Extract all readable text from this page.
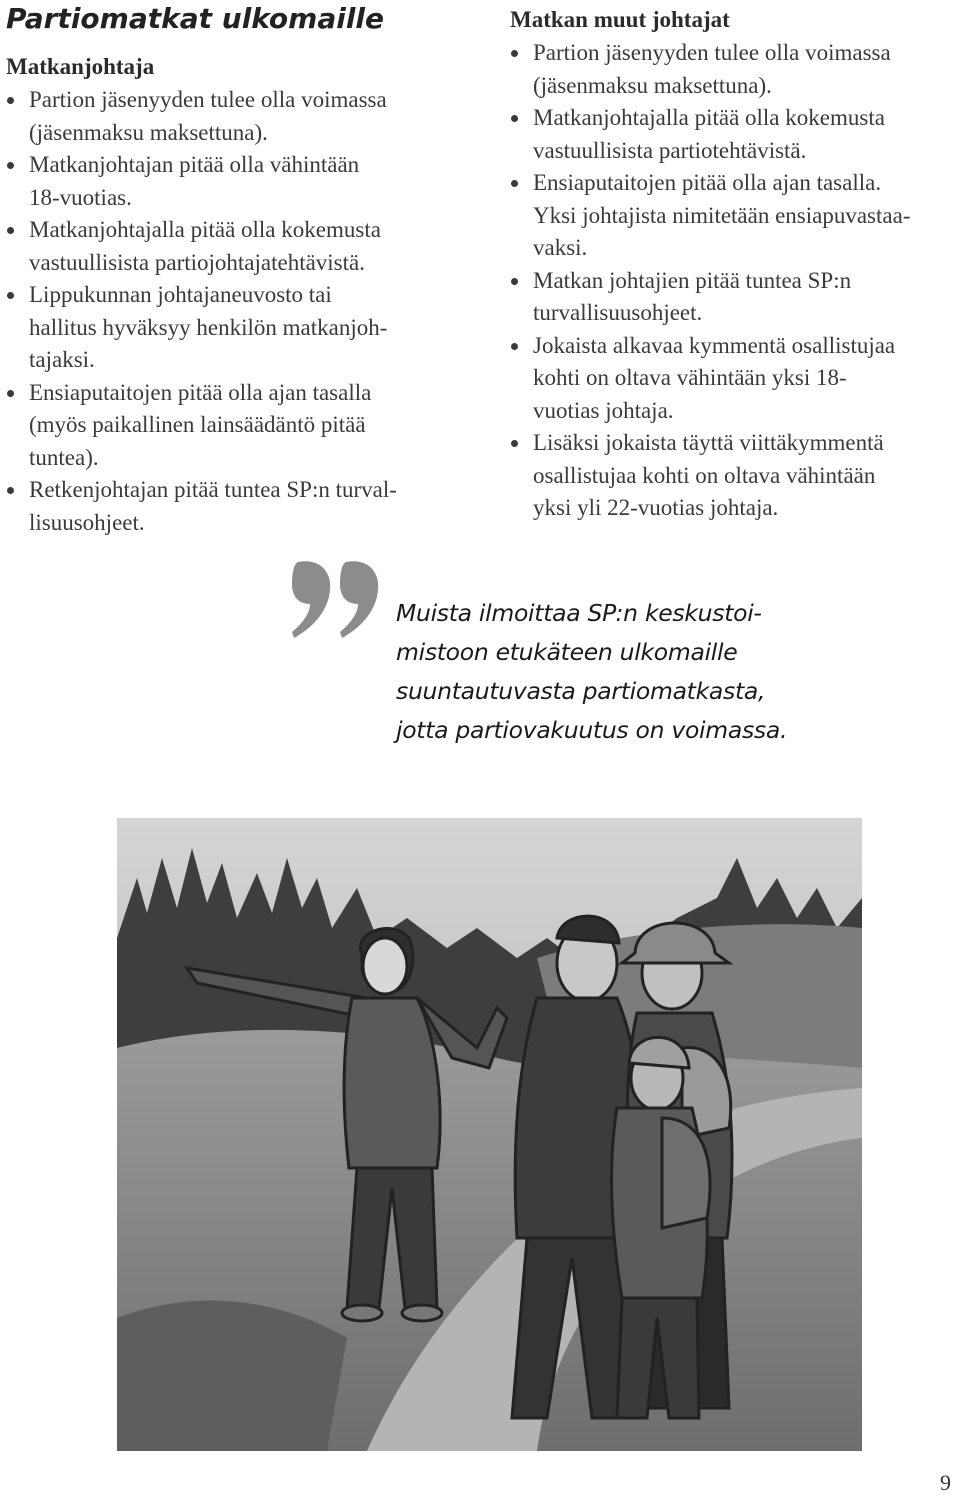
Partiomatkat ulkomaille
Matkanjohtaja
Partion jäsenyyden tulee olla voimassa
(jäsenmaksu maksettuna).
Matkanjohtajan pitää olla vähintään
18-vuotias.
Matkanjohtajalla pitää olla kokemusta
vastuullisista partiojohtajatehtävistä.
Lippukunnan johtajaneuvosto tai
hallitus hyväksyy henkilön matkanjoh-
tajaksi.
Ensiaputaitojen pitää olla ajan tasalla
(myös paikallinen lainsäädäntö pitää
tuntea).
Retkenjohtajan pitää tuntea SP:n turval-
lisuusohjeet.
Matkan muut johtajat
Partion jäsenyyden tulee olla voimassa
(jäsenmaksu maksettuna).
Matkanjohtajalla pitää olla kokemusta
vastuullisista partiotehtävistä.
Ensiaputaitojen pitää olla ajan tasalla.
Yksi johtajista nimitetään ensiapuvastaa-
vaksi.
Matkan johtajien pitää tuntea SP:n
turvallisuusohjeet.
Jokaista alkavaa kymmentä osallistujaa
kohti on oltava vähintään yksi 18-
vuotias johtaja.
Lisäksi jokaista täyttä viittäkymmentä
osallistujaa kohti on oltava vähintään
yksi yli 22-vuotias johtaja.
Muista ilmoittaa SP:n keskustoi-
mistoon etukäteen ulkomaille
suuntautuvasta partiomatkasta,
jotta partiovakuutus on voimassa.
9
